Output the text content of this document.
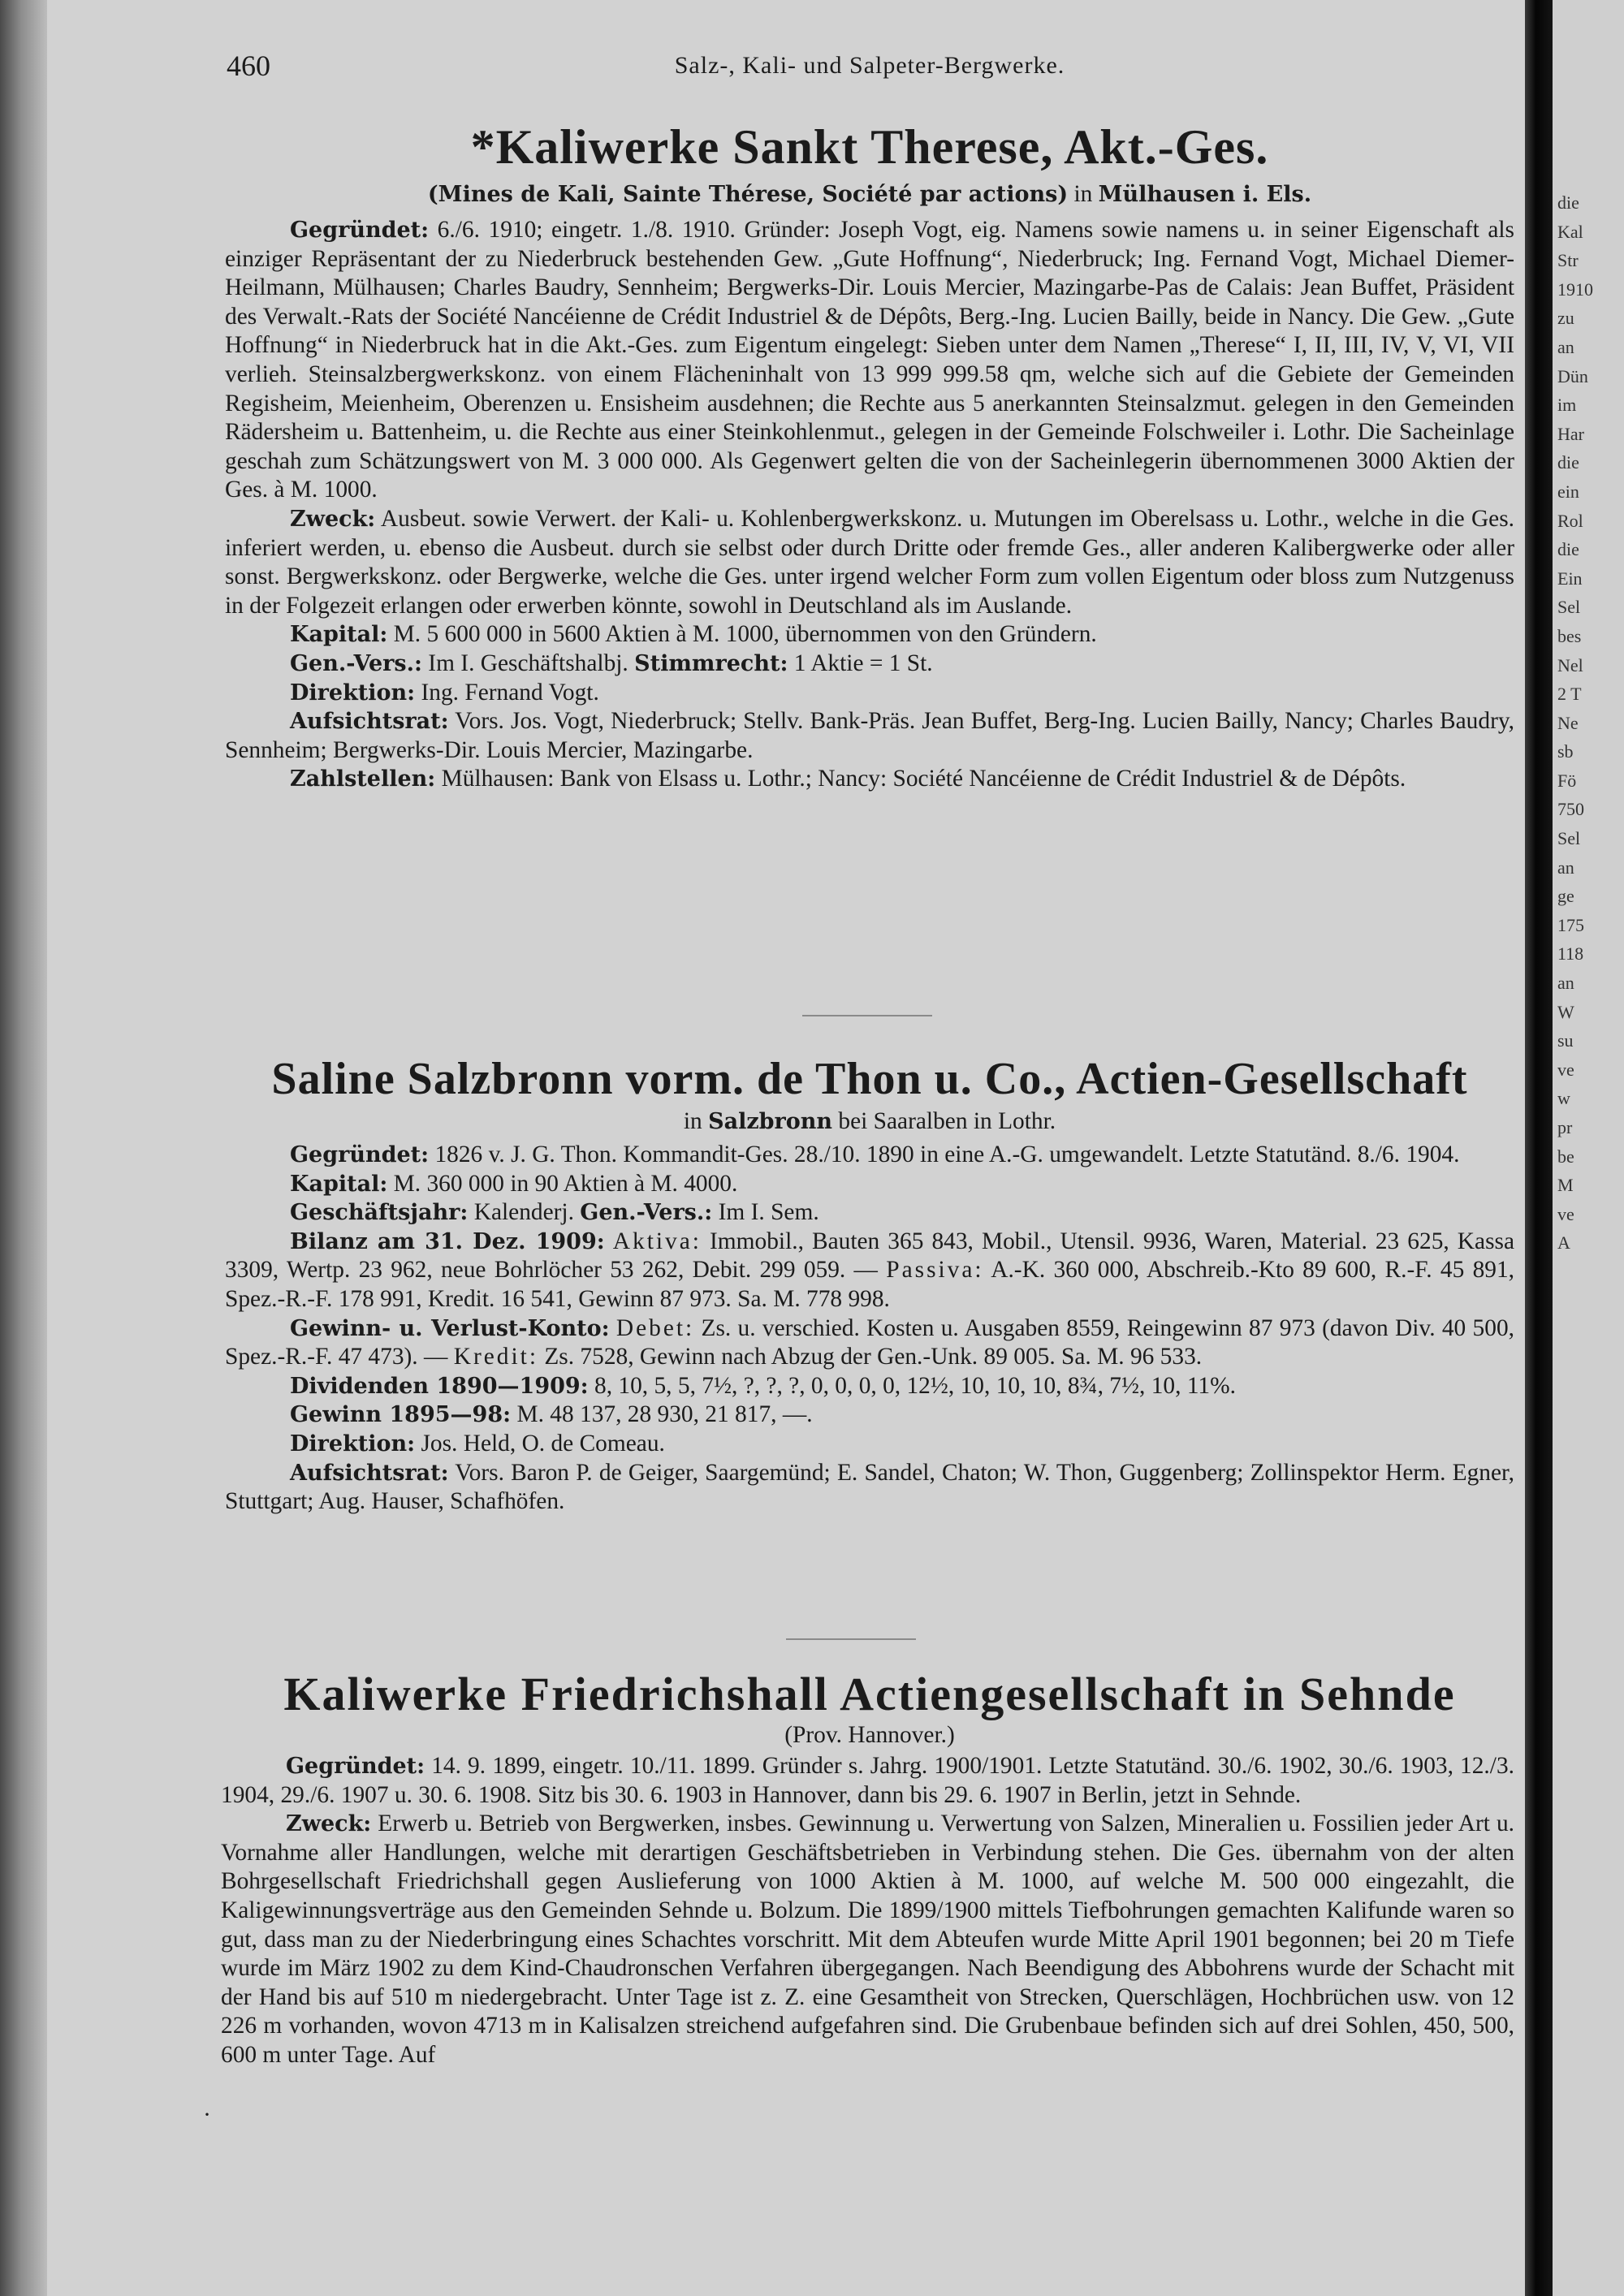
460	Salz-, Kali- und Salpeter-Bergwerke.
*Kaliwerke Sankt Therese, Akt.-Ges.
(Mines de Kali, Sainte Thérese, Société par actions) in Mülhausen i. Els.

Gegründet: 6./6. 1910; eingetr. 1./8. 1910. Gründer: Joseph Vogt, eig. Namens sowie namens u. in seiner Eigenschaft als einziger Repräsentant der zu Niederbruck bestehenden Gew. „Gute Hoffnung“, Niederbruck; Ing. Fernand Vogt, Michael Diemer-Heilmann, Mülhausen; Charles Baudry, Sennheim; Bergwerks-Dir. Louis Mercier, Mazingarbe-Pas de Calais: Jean Buffet, Präsident des Verwalt.-Rats der Société Nancéienne de Crédit Industriel & de Dépôts, Berg.-Ing. Lucien Bailly, beide in Nancy. Die Gew. „Gute Hoffnung“ in Niederbruck hat in die Akt.-Ges. zum Eigentum eingelegt: Sieben unter dem Namen „Therese“ I, II, III, IV, V, VI, VII verlieh. Steinsalzbergwerkskonz. von einem Flächeninhalt von 13 999 999.58 qm, welche sich auf die Gebiete der Gemeinden Regisheim, Meienheim, Oberenzen u. Ensisheim ausdehnen; die Rechte aus 5 anerkannten Steinsalzmut. gelegen in den Gemeinden Rädersheim u. Battenheim, u. die Rechte aus einer Steinkohlenmut., gelegen in der Gemeinde Folschweiler i. Lothr. Die Sacheinlage geschah zum Schätzungswert von M. 3 000 000. Als Gegenwert gelten die von der Sacheinlegerin übernommenen 3000 Aktien der Ges. à M. 1000.

Zweck: Ausbeut. sowie Verwert. der Kali- u. Kohlenbergwerkskonz. u. Mutungen im Oberelsass u. Lothr., welche in die Ges. inferiert werden, u. ebenso die Ausbeut. durch sie selbst oder durch Dritte oder fremde Ges., aller anderen Kalibergwerke oder aller sonst. Bergwerkskonz. oder Bergwerke, welche die Ges. unter irgend welcher Form zum vollen Eigentum oder bloss zum Nutzgenuss in der Folgezeit erlangen oder erwerben könnte, sowohl in Deutschland als im Auslande.

Kapital: M. 5 600 000 in 5600 Aktien à M. 1000, übernommen von den Gründern.

Gen.-Vers.: Im I. Geschäftshalbj. Stimmrecht: 1 Aktie = 1 St.

Direktion: Ing. Fernand Vogt.

Aufsichtsrat: Vors. Jos. Vogt, Niederbruck; Stellv. Bank-Präs. Jean Buffet, Berg-Ing. Lucien Bailly, Nancy; Charles Baudry, Sennheim; Bergwerks-Dir. Louis Mercier, Mazingarbe.

Zahlstellen: Mülhausen: Bank von Elsass u. Lothr.; Nancy: Société Nancéienne de Crédit Industriel & de Dépôts.

Saline Salzbronn vorm. de Thon u. Co., Actien-Gesellschaft
in Salzbronn bei Saaralben in Lothr.

Gegründet: 1826 v. J. G. Thon. Kommandit-Ges. 28./10. 1890 in eine A.-G. umgewandelt. Letzte Statutänd. 8./6. 1904.

Kapital: M. 360 000 in 90 Aktien à M. 4000.

Geschäftsjahr: Kalenderj. Gen.-Vers.: Im I. Sem.

Bilanz am 31. Dez. 1909: Aktiva: Immobil., Bauten 365 843, Mobil., Utensil. 9936, Waren, Material. 23 625, Kassa 3309, Wertp. 23 962, neue Bohrlöcher 53 262, Debit. 299 059. — Passiva: A.-K. 360 000, Abschreib.-Kto 89 600, R.-F. 45 891, Spez.-R.-F. 178 991, Kredit. 16 541, Gewinn 87 973. Sa. M. 778 998.

Gewinn- u. Verlust-Konto: Debet: Zs. u. verschied. Kosten u. Ausgaben 8559, Reingewinn 87 973 (davon Div. 40 500, Spez.-R.-F. 47 473). — Kredit: Zs. 7528, Gewinn nach Abzug der Gen.-Unk. 89 005. Sa. M. 96 533.

Dividenden 1890—1909: 8, 10, 5, 5, 7½, ?, ?, ?, 0, 0, 0, 0, 12½, 10, 10, 10, 8¾, 7½, 10, 11%.

Gewinn 1895—98: M. 48 137, 28 930, 21 817, —.

Direktion: Jos. Held, O. de Comeau.

Aufsichtsrat: Vors. Baron P. de Geiger, Saargemünd; E. Sandel, Chaton; W. Thon, Guggenberg; Zollinspektor Herm. Egner, Stuttgart; Aug. Hauser, Schafhöfen.

Kaliwerke Friedrichshall Actiengesellschaft in Sehnde
(Prov. Hannover.)

Gegründet: 14. 9. 1899, eingetr. 10./11. 1899. Gründer s. Jahrg. 1900/1901. Letzte Statutänd. 30./6. 1902, 30./6. 1903, 12./3. 1904, 29./6. 1907 u. 30. 6. 1908. Sitz bis 30. 6. 1903 in Hannover, dann bis 29. 6. 1907 in Berlin, jetzt in Sehnde.

Zweck: Erwerb u. Betrieb von Bergwerken, insbes. Gewinnung u. Verwertung von Salzen, Mineralien u. Fossilien jeder Art u. Vornahme aller Handlungen, welche mit derartigen Geschäftsbetrieben in Verbindung stehen. Die Ges. übernahm von der alten Bohrgesellschaft Friedrichshall gegen Auslieferung von 1000 Aktien à M. 1000, auf welche M. 500 000 eingezahlt, die Kaligewinnungsverträge aus den Gemeinden Sehnde u. Bolzum. Die 1899/1900 mittels Tiefbohrungen gemachten Kalifunde waren so gut, dass man zu der Niederbringung eines Schachtes vorschritt. Mit dem Abteufen wurde Mitte April 1901 begonnen; bei 20 m Tiefe wurde im März 1902 zu dem Kind-Chaudronschen Verfahren übergegangen. Nach Beendigung des Abbohrens wurde der Schacht mit der Hand bis auf 510 m niedergebracht. Unter Tage ist z. Z. eine Gesamtheit von Strecken, Querschlägen, Hochbrüchen usw. von 12 226 m vorhanden, wovon 4713 m in Kalisalzen streichend aufgefahren sind. Die Grubenbaue befinden sich auf drei Sohlen, 450, 500, 600 m unter Tage. Auf

·
die
Kal
Str
1910
zu
an
Dün
im
Har
die
ein
Rol
die
Ein
Sel
bes
Nel
2 T
Ne
sb
Fö
750
Sel
an
ge
175
118
an
W
su
ve
w
pr
be
M
ve
A
